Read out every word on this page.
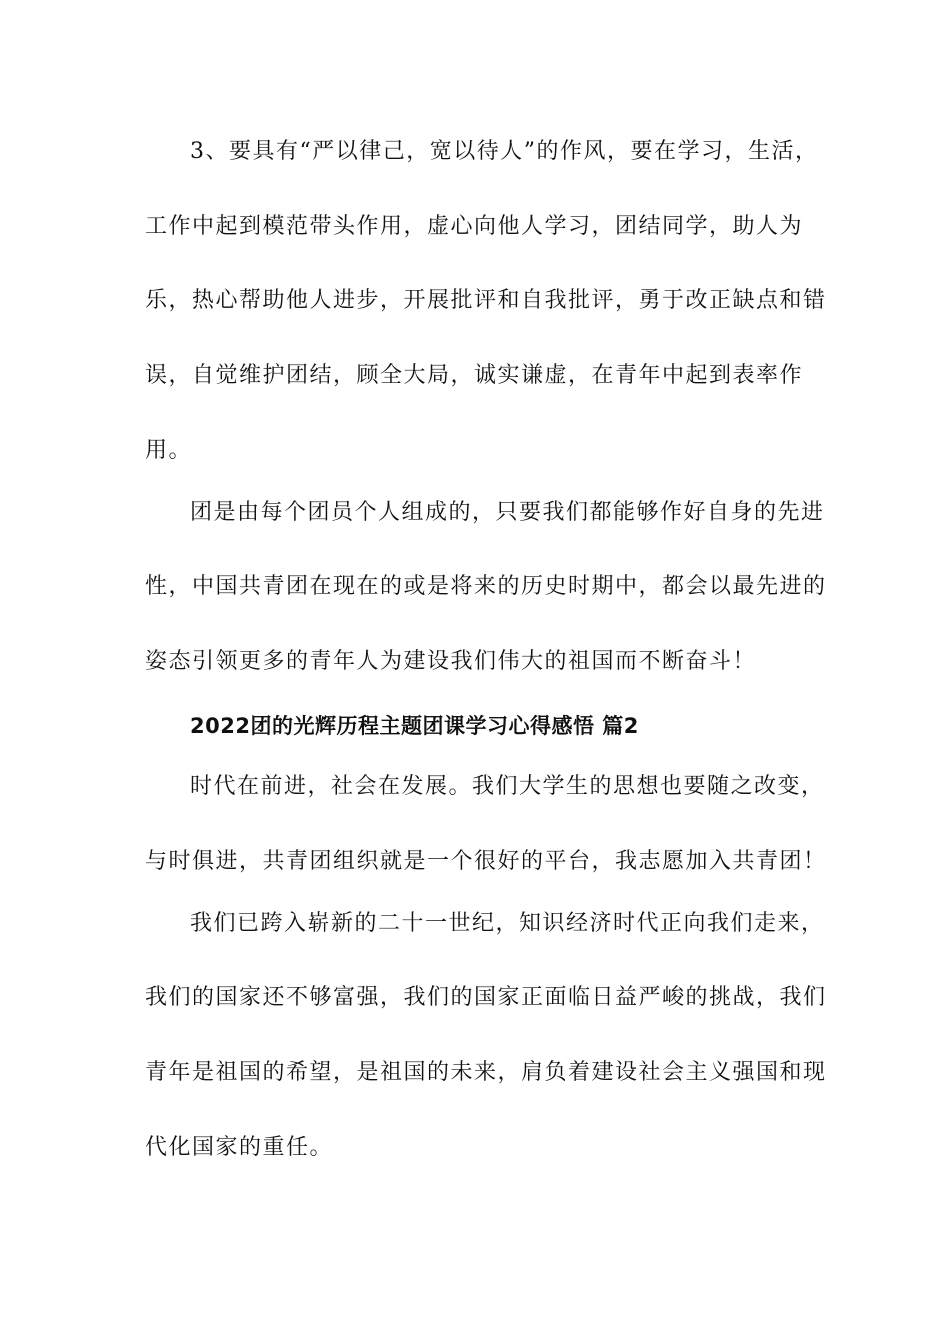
3、要具有“严以律己，宽以待人”的作风，要在学习，生活，
工作中起到模范带头作用，虚心向他人学习，团结同学，助人为
乐，热心帮助他人进步，开展批评和自我批评，勇于改正缺点和错
误，自觉维护团结，顾全大局，诚实谦虚，在青年中起到表率作
用。
团是由每个团员个人组成的，只要我们都能够作好自身的先进
性，中国共青团在现在的或是将来的历史时期中，都会以最先进的
姿态引领更多的青年人为建设我们伟大的祖国而不断奋斗！
2022团的光辉历程主题团课学习心得感悟 篇2
时代在前进，社会在发展。我们大学生的思想也要随之改变，
与时俱进，共青团组织就是一个很好的平台，我志愿加入共青团！
我们已跨入崭新的二十一世纪，知识经济时代正向我们走来，
我们的国家还不够富强，我们的国家正面临日益严峻的挑战，我们
青年是祖国的希望，是祖国的未来，肩负着建设社会主义强国和现
代化国家的重任。
